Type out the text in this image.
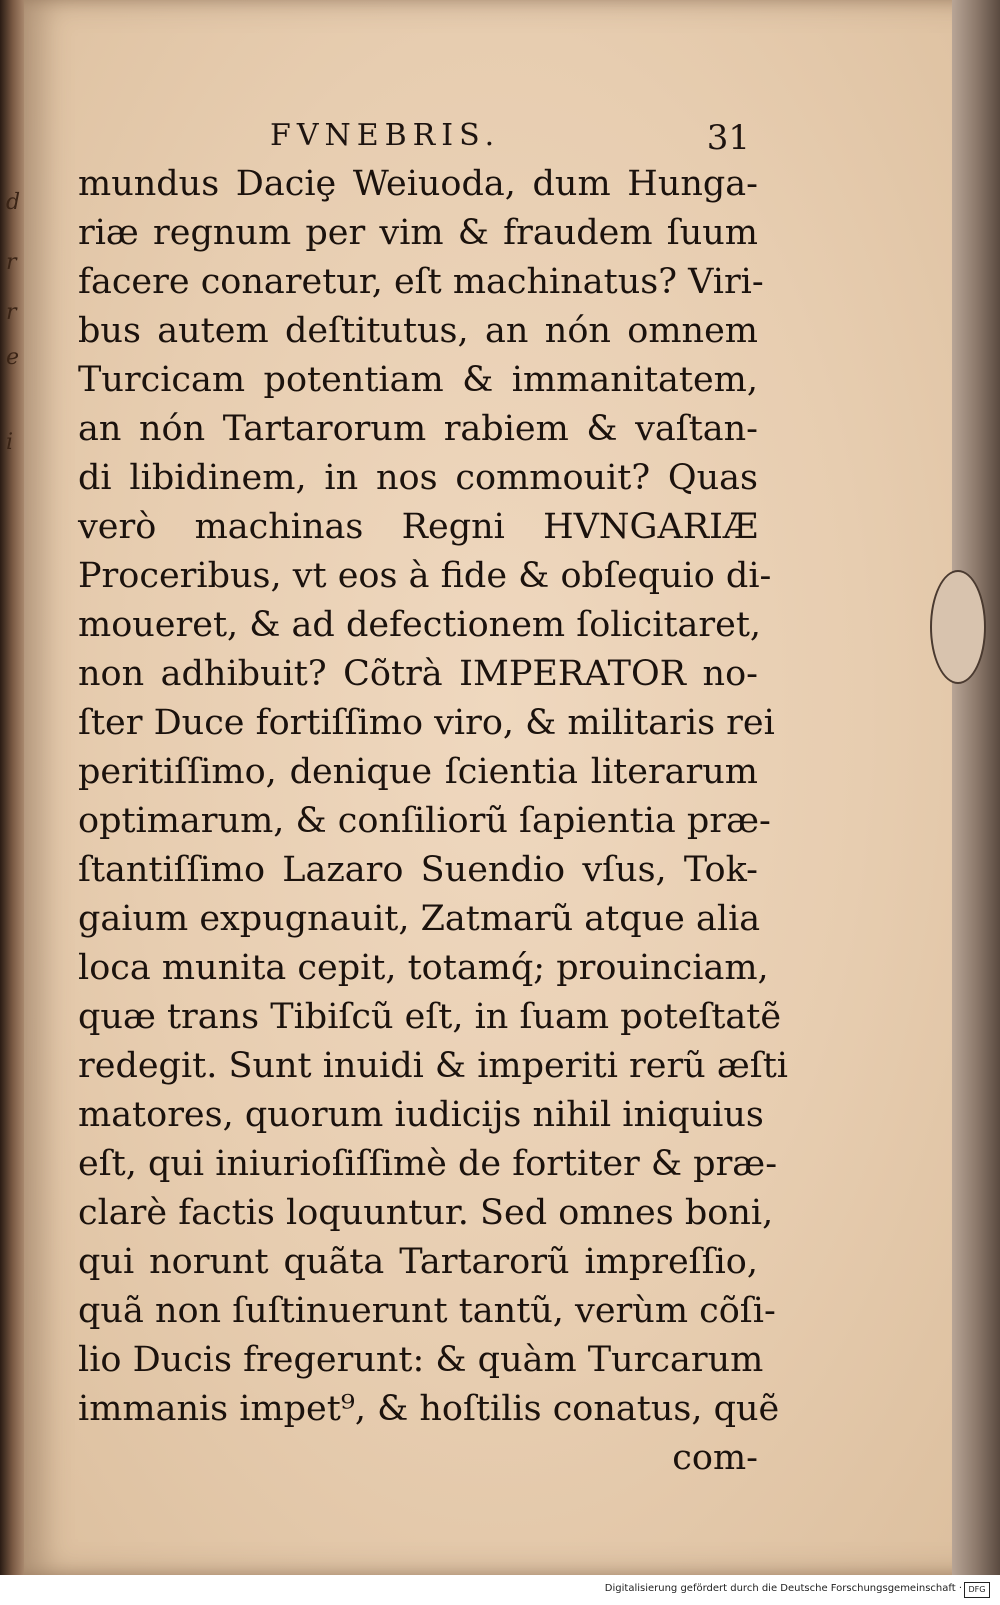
d
r
r
e
i
FVNEBRIS.	31
mundus Daciȩ Weiuoda, dum Hunga-
riæ regnum per vim & fraudem ſuum
facere conaretur, eſt machinatus? Viri-
bus autem deſtitutus, an nón omnem
Turcicam potentiam & immanitatem,
an nón Tartarorum rabiem & vaſtan-
di libidinem, in nos commouit? Quas
verò machinas Regni HVNGARIÆ
Proceribus, vt eos à fide & obſequio di-
moueret, & ad defectionem ſolicitaret,
non adhibuit? Cõtrà IMPERATOR no-
ſter Duce fortiſſimo viro, & militaris rei
peritiſſimo, denique ſcientia literarum
optimarum, & conſiliorũ ſapientia præ-
ſtantiſſimo Lazaro Suendio vſus, Tok-
gaium expugnauit, Zatmarũ atque alia
loca munita cepit, totamq́; prouinciam,
quæ trans Tibiſcũ eſt, in ſuam poteſtatẽ
redegit. Sunt inuidi & imperiti rerũ æſti
matores, quorum iudicijs nihil iniquius
eſt, qui iniurioſiſſimè de fortiter & præ-
clarè factis loquuntur. Sed omnes boni,
qui norunt quãta Tartarorũ impreſſio,
quã non ſuſtinuerunt tantũ, verùm cõſi-
lio Ducis fregerunt: & quàm Turcarum
immanis impet⁹, & hoſtilis conatus, quẽ
com-
Digitalisierung gefördert durch die Deutsche Forschungsgemeinschaft · DFG
